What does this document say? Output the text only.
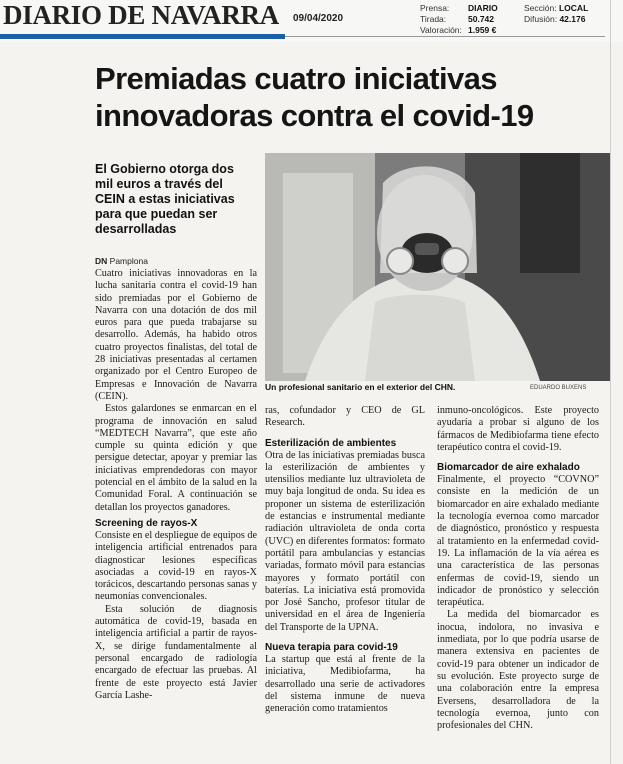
DIARIO DE NAVARRA 09/04/2020
Prensa:
Tirada:
Valoración:
DIARIO
50.742
1.959 €
Sección: LOCAL
Difusión: 42.176
Premiadas cuatro iniciativas innovadoras contra el covid-19
El Gobierno otorga dos mil euros a través del CEIN a estas iniciativas para que puedan ser desarrolladas
DN Pamplona
Un profesional sanitario en el exterior del CHN.	EDUARDO BUXENS

Cuatro iniciativas innovadoras en la lucha sanitaria contra el covid-19 han sido premiadas por el Gobierno de Navarra con una dotación de dos mil euros para que pueda trabajarse su desarrollo. Además, ha habido otros cuatro proyectos finalistas, del total de 28 iniciativas presentadas al certamen organizado por el Centro Europeo de Empresas e Innovación de Navarra (CEIN).

Estos galardones se enmarcan en el programa de innovación en salud “MEDTECH Navarra”, que este año cumple su quinta edición y que persigue detectar, apoyar y premiar las iniciativas emprendedoras con mayor potencial en el ámbito de la salud en la Comunidad Foral. A continuación se detallan los proyectos ganadores.

Screening de rayos-X

Consiste en el despliegue de equipos de inteligencia artificial entrenados para diagnosticar lesiones específicas asociadas a covid-19 en rayos-X torácicos, descartando personas sanas y neumonías convencionales.

Esta solución de diagnosis automática de covid-19, basada en inteligencia artificial a partir de rayos-X, se dirige fundamentalmente al personal encargado de radiología encargado de efectuar las pruebas. Al frente de este proyecto está Javier García Lashe-

ras, cofundador y CEO de GL Research.

Esterilización de ambientes

Otra de las iniciativas premiadas busca la esterilización de ambientes y utensilios mediante luz ultravioleta de muy baja longitud de onda. Su idea es proponer un sistema de esterilización de estancias e instrumental mediante radiación ultravioleta de onda corta (UVC) en diferentes formatos: formato portátil para ambulancias y estancias variadas, formato móvil para estancias mayores y formato portátil con baterías. La iniciativa está promovida por José Sancho, profesor titular de universidad en el área de Ingeniería del Transporte de la UPNA.

Nueva terapia para covid-19

La startup que está al frente de la iniciativa, Medibiofarma, ha desarrollado una serie de activadores del sistema inmune de nueva generación como tratamientos

inmuno-oncológicos. Este proyecto ayudaría a probar si alguno de los fármacos de Medibiofarma tiene efecto terapéutico contra el covid-19.

Biomarcador de aire exhalado

Finalmente, el proyecto “COVNO” consiste en la medición de un biomarcador en aire exhalado mediante la tecnología evernoa como marcador de diagnóstico, pronóstico y respuesta al tratamiento en la enfermedad covid-19. La inflamación de la vía aérea es una característica de las personas enfermas de covid-19, siendo un indicador de pronóstico y selección terapéutica.

La medida del biomarcador es inocua, indolora, no invasiva e inmediata, por lo que podría usarse de manera extensiva en pacientes de covid-19 para obtener un indicador de su evolución. Este proyecto surge de una colaboración entre la empresa Eversens, desarrolladora de la tecnología evernoa, junto con profesionales del CHN.
